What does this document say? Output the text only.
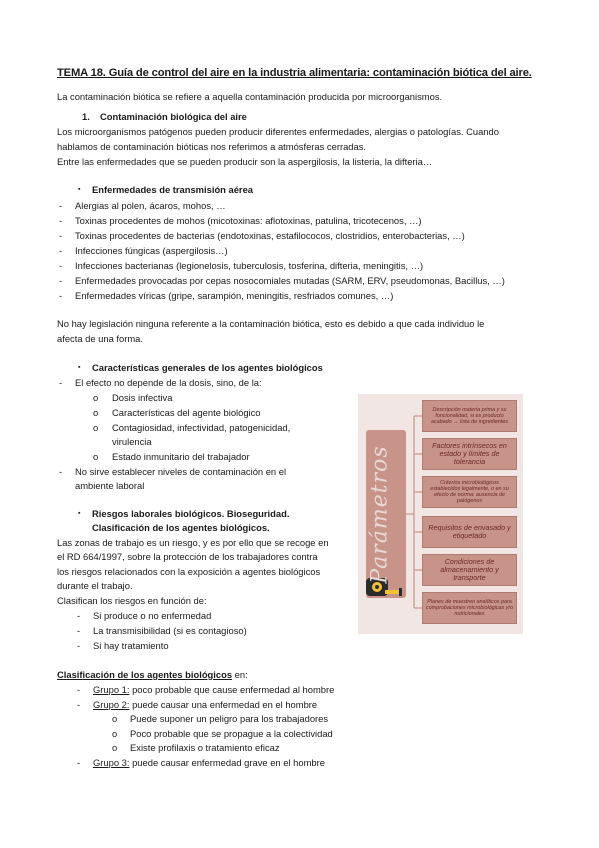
TEMA 18. Guía de control del aire en la industria alimentaria: contaminación biótica del aire.
La contaminación biótica se refiere a aquella contaminación producida por microorganismos.
1. Contaminación biológica del aire
Los microorganismos patógenos pueden producir diferentes enfermedades, alergias o patologías. Cuando
hablamos de contaminación bióticas nos referimos a atmósferas cerradas.
Entre las enfermedades que se pueden producir son la aspergilosis, la listeria, la difteria…
▪ Enfermedades de transmisión aérea
- Alergias al polen, ácaros, mohos, …
- Toxinas procedentes de mohos (micotoxinas: aflotoxinas, patulina, tricotecenos, …)
- Toxinas procedentes de bacterias (endotoxinas, estafilococos, clostridios, enterobacterias, …)
- Infecciones fúngicas (aspergilosis…)
- Infecciones bacterianas (legionelosis, tuberculosis, tosferina, difteria, meningitis, …)
- Enfermedades provocadas por cepas nosocomiales mutadas (SARM, ERV, pseudomonas, Bacillus, …)
- Enfermedades víricas (gripe, sarampión, meningitis, resfriados comunes, …)
No hay legislación ninguna referente a la contaminación biótica, esto es debido a que cada individuo le
afecta de una forma.
▪ Características generales de los agentes biológicos
- El efecto no depende de la dosis, sino, de la:
o Dosis infectiva
o Características del agente biológico
o Contagiosidad, infectividad, patogenicidad,
virulencia
o Estado inmunitario del trabajador
- No sirve establecer niveles de contaminación en el
ambiente laboral
▪ Riesgos laborales biológicos. Bioseguridad.
Clasificación de los agentes biológicos.
Las zonas de trabajo es un riesgo, y es por ello que se recoge en
el RD 664/1997, sobre la protección de los trabajadores contra
los riesgos relacionados con la exposición a agentes biológicos
durante el trabajo.
Clasifican los riesgos en función de:
- Si produce o no enfermedad
- La transmisibilidad (si es contagioso)
- Si hay tratamiento
Clasificación de los agentes biológicos en:
- Grupo 1: poco probable que cause enfermedad al hombre
- Grupo 2: puede causar una enfermedad en el hombre
o Puede suponer un peligro para los trabajadores
o Poco probable que se propague a la colectividad
o Existe profilaxis o tratamiento eficaz
- Grupo 3: puede causar enfermedad grave en el hombre
Parámetros
Descripción materia prima y su funcionalidad, si es producto acabado → lista de ingredientes
Factores intrínsecos en estado y límites de tolerancia
Criterios microbiológicos establecidos legalmente, o en su efecto de norma: ausencia de patógenos
Requisitos de envasado y etiquetado
Condiciones de almacenamiento y transporte
Planes de muestreo analíticos para comprobaciones microbiológicas y/o nutricionales
